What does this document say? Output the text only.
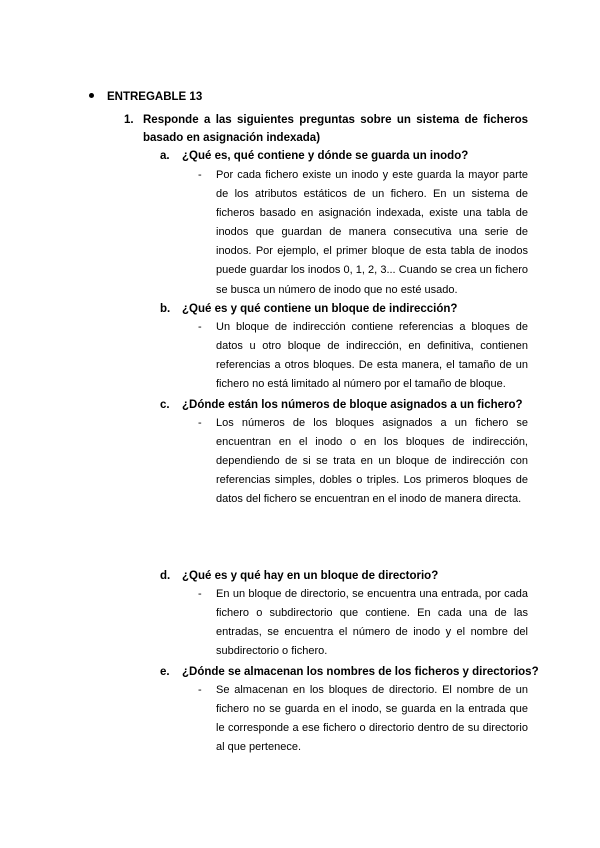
ENTREGABLE 13
1. Responde a las siguientes preguntas sobre un sistema de ficheros basado en asignación indexada)
a. ¿Qué es, qué contiene y dónde se guarda un inodo?
- Por cada fichero existe un inodo y este guarda la mayor parte de los atributos estáticos de un fichero. En un sistema de ficheros basado en asignación indexada, existe una tabla de inodos que guardan de manera consecutiva una serie de inodos. Por ejemplo, el primer bloque de esta tabla de inodos puede guardar los inodos 0, 1, 2, 3... Cuando se crea un fichero se busca un número de inodo que no esté usado.
b. ¿Qué es y qué contiene un bloque de indirección?
- Un bloque de indirección contiene referencias a bloques de datos u otro bloque de indirección, en definitiva, contienen referencias a otros bloques. De esta manera, el tamaño de un fichero no está limitado al número por el tamaño de bloque.
c. ¿Dónde están los números de bloque asignados a un fichero?
- Los números de los bloques asignados a un fichero se encuentran en el inodo o en los bloques de indirección, dependiendo de si se trata en un bloque de indirección con referencias simples, dobles o triples. Los primeros bloques de datos del fichero se encuentran en el inodo de manera directa.
d. ¿Qué es y qué hay en un bloque de directorio?
- En un bloque de directorio, se encuentra una entrada, por cada fichero o subdirectorio que contiene. En cada una de las entradas, se encuentra el número de inodo y el nombre del subdirectorio o fichero.
e. ¿Dónde se almacenan los nombres de los ficheros y directorios?
- Se almacenan en los bloques de directorio. El nombre de un fichero no se guarda en el inodo, se guarda en la entrada que le corresponde a ese fichero o directorio dentro de su directorio al que pertenece.
